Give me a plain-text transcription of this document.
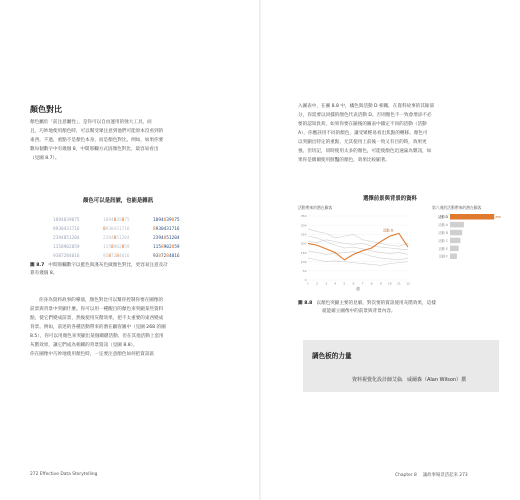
顏色對比
顏色屬於「前注意屬性」，是你可以自由運用的強大工具，而
且，巧妙地使用顏色時，可以幫受眾注意到他們可能原本沒看到的
東西。不過，重點不是顏色本身，而是顏色對比。例如，如果你要
數每個數字中有幾個 8，中間那欄方式因顏色對比，最容易看出
（見圖 8.7）。
顏色可以是訊號，也能是雜訊
1094839875	1094839875	1094839875
8930431716	8930431716	8930431716
2394851204	2394851204	2394851204
1158902859	1158902859	1158902859
9387284016	9387284016	9387284016
圖 8.7 中間那欄數字以藍色與淺灰色做顏色對比，更容易注意及計
算有幾個 8。
你身為資料故事的導演，顏色對比可以幫你控制你要在圖像的
前景與背景中突顯什麼。你可以用一種醒目的顏色來突顯某些資料
點，使它們變成前景，然後使用灰階效果，把不太重要的東西變成
背景。例如，前述的各種活動帶來的潛在顧客圖中（見圖 268 的圖
8.5），你可以用顏色來突顯出某個關鍵活動，但在其他活動上套用
灰階效果，讓它們成為相關的背景資訊（見圖 8.8）。
你在圖像中巧妙地使用顏色時，一定要注意顏色如何把資訊區
272 Effective Data Storytelling
入圖表中，在圖 8.8 中，橘色與活動 D 相關，在資料故事的其餘部
分，你需要以同樣的顏色代表活動 D。否則顏色不一致會增添不必
要的認知負荷。如果你要在隨後的圖表中鎖定不同的活動（活動
A），你應該用不同的顏色，讓受眾輕易看出焦點的轉移。顏色可
以突顯出特定的重點，尤其使用上前後一致又有目的時，效果更
強。但切記，同時使用太多的顏色，可能使顏色迅速淪為雜訊，如
果你是偶爾使用鮮豔的顏色，效果比較顯著。
選擇前景與背景的資料
活動帶來的潛在顧客
350
300
250
200
150
100
50
0
1 2 3 4 5 6 7 8 9 10 11 12
週
活動 D
第六週的活動帶來的潛在顧客
活動 D	255
活動 A
活動 B
活動 C
活動 E
活動 F
圖 8.8 以顏色突顯主要的見解，對次要的資訊使用灰階效果，這樣
就能確立圖像中的前景與背景內容。
調色板的力量
資料視覺化設計師艾倫．威爾森（Alan Wilson）撰
Chapter 8 讓故事場景活起來 273
